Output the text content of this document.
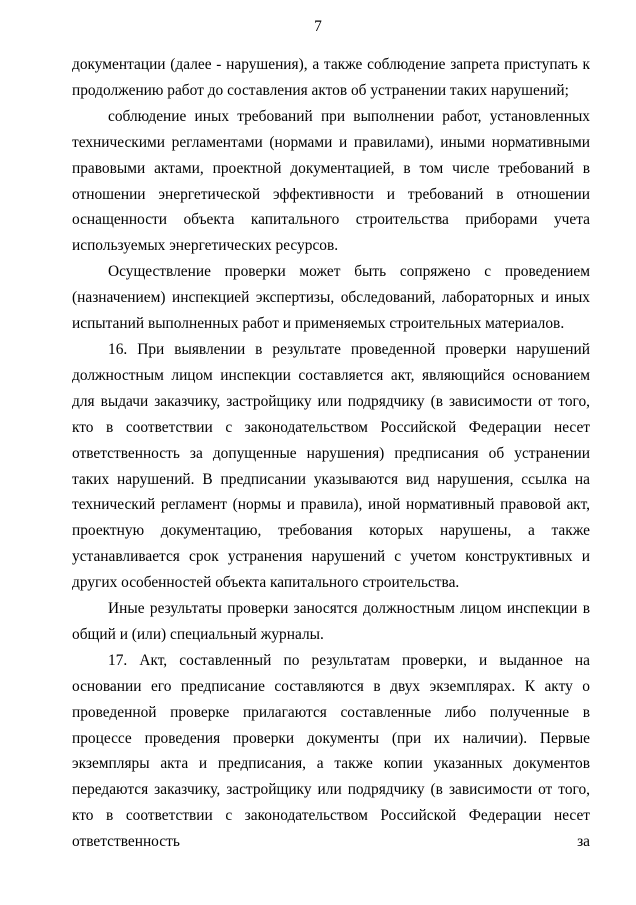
7

документации (далее - нарушения), а также соблюдение запрета приступать к продолжению работ до составления актов об устранении таких нарушений;

соблюдение иных требований при выполнении работ, установленных техническими регламентами (нормами и правилами), иными нормативными правовыми актами, проектной документацией, в том числе требований в отношении энергетической эффективности и требований в отношении оснащенности объекта капитального строительства приборами учета используемых энергетических ресурсов.

Осуществление проверки может быть сопряжено с проведением (назначением) инспекцией экспертизы, обследований, лабораторных и иных испытаний выполненных работ и применяемых строительных материалов.

16. При выявлении в результате проведенной проверки нарушений должностным лицом инспекции составляется акт, являющийся основанием для выдачи заказчику, застройщику или подрядчику (в зависимости от того, кто в соответствии с законодательством Российской Федерации несет ответственность за допущенные нарушения) предписания об устранении таких нарушений. В предписании указываются вид нарушения, ссылка на технический регламент (нормы и правила), иной нормативный правовой акт, проектную документацию, требования которых нарушены, а также устанавливается срок устранения нарушений с учетом конструктивных и других особенностей объекта капитального строительства.

Иные результаты проверки заносятся должностным лицом инспекции в общий и (или) специальный журналы.

17. Акт, составленный по результатам проверки, и выданное на основании его предписание составляются в двух экземплярах. К акту о проведенной проверке прилагаются составленные либо полученные в процессе проведения проверки документы (при их наличии). Первые экземпляры акта и предписания, а также копии указанных документов передаются заказчику, застройщику или подрядчику (в зависимости от того, кто в соответствии с законодательством Российской Федерации несет ответственность за
